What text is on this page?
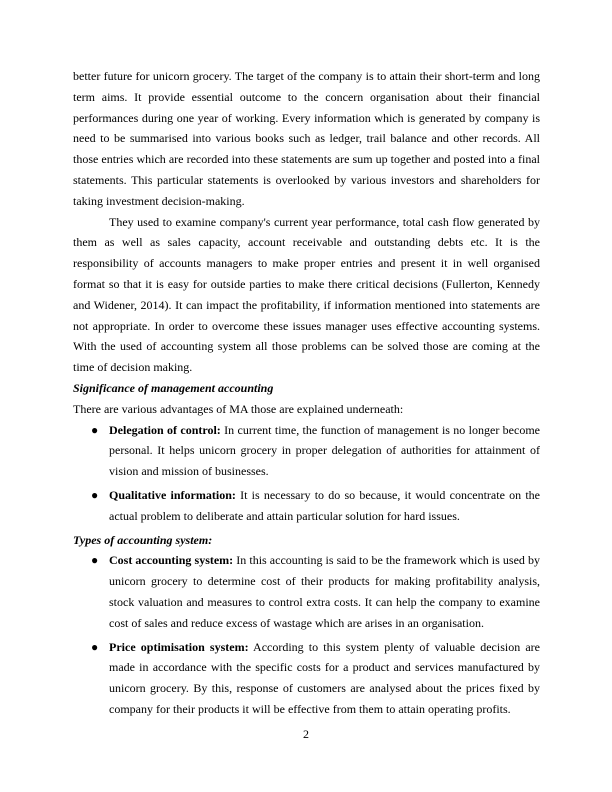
better future for unicorn grocery. The target of the company is to attain their short-term and long term aims. It provide essential outcome to the concern organisation about their financial performances during one year of working. Every information which is generated by company is need to be summarised into various books such as ledger, trail balance and other records. All those entries which are recorded into these statements are sum up together and posted into a final statements. This particular statements is overlooked by various investors and shareholders for taking investment decision-making.

They used to examine company's current year performance, total cash flow generated by them as well as sales capacity, account receivable and outstanding debts etc. It is the responsibility of accounts managers to make proper entries and present it in well organised format so that it is easy for outside parties to make there critical decisions (Fullerton, Kennedy and Widener, 2014). It can impact the profitability, if information mentioned into statements are not appropriate. In order to overcome these issues manager uses effective accounting systems. With the used of accounting system all those problems can be solved those are coming at the time of decision making.

Significance of management accounting

There are various advantages of MA those are explained underneath:

● Delegation of control: In current time, the function of management is no longer become personal. It helps unicorn grocery in proper delegation of authorities for attainment of vision and mission of businesses.
● Qualitative information: It is necessary to do so because, it would concentrate on the actual problem to deliberate and attain particular solution for hard issues.

Types of accounting system:

● Cost accounting system: In this accounting is said to be the framework which is used by unicorn grocery to determine cost of their products for making profitability analysis, stock valuation and measures to control extra costs. It can help the company to examine cost of sales and reduce excess of wastage which are arises in an organisation.
● Price optimisation system: According to this system plenty of valuable decision are made in accordance with the specific costs for a product and services manufactured by unicorn grocery. By this, response of customers are analysed about the prices fixed by company for their products it will be effective from them to attain operating profits.
2
